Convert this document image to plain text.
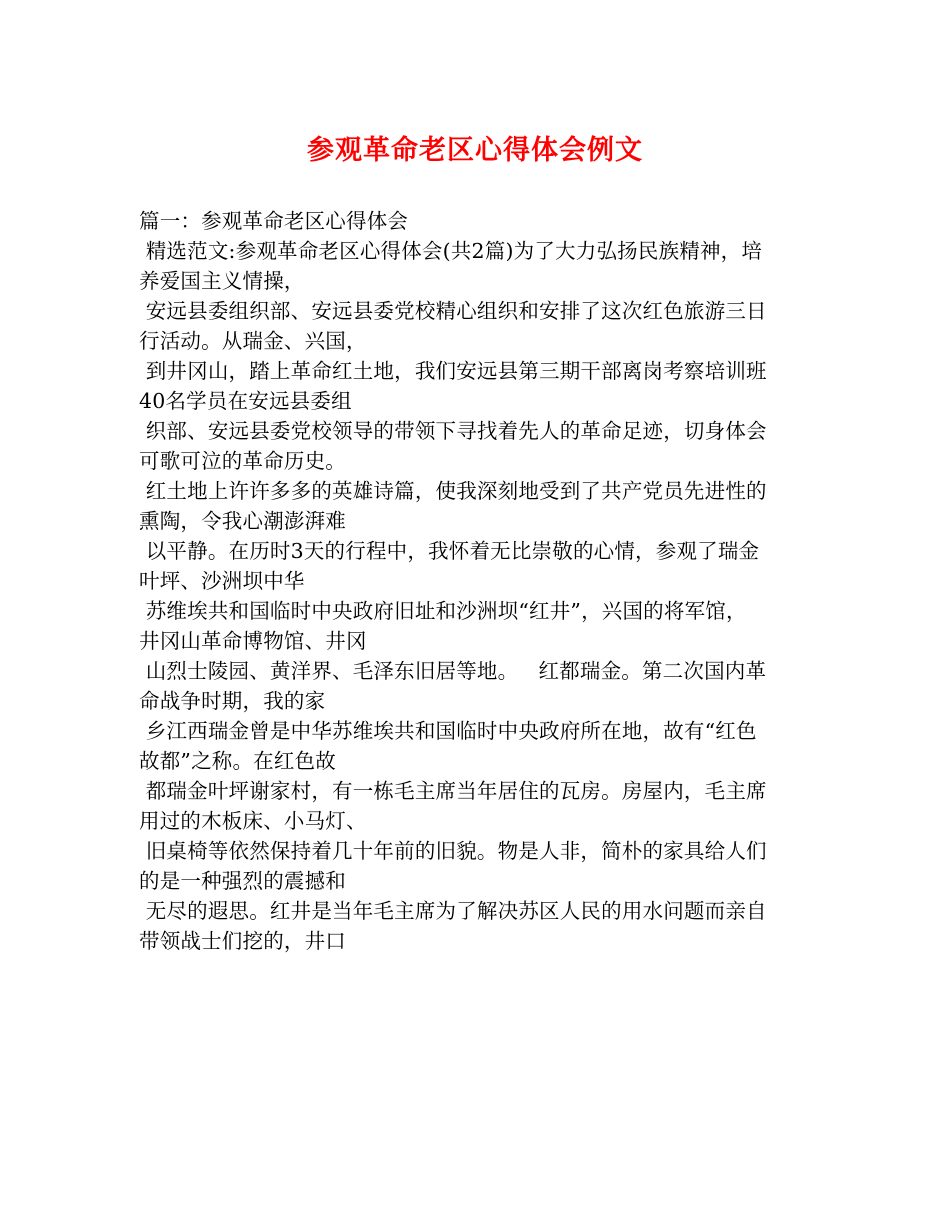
参观革命老区心得体会例文
篇一：参观革命老区心得体会
精选范文:参观革命老区心得体会(共2篇)为了大力弘扬民族精神，培
养爱国主义情操，
安远县委组织部、安远县委党校精心组织和安排了这次红色旅游三日
行活动。从瑞金、兴国，
到井冈山，踏上革命红土地，我们安远县第三期干部离岗考察培训班
40名学员在安远县委组
织部、安远县委党校领导的带领下寻找着先人的革命足迹，切身体会
可歌可泣的革命历史。
红土地上许许多多的英雄诗篇，使我深刻地受到了共产党员先进性的
熏陶，令我心潮澎湃难
以平静。在历时3天的行程中，我怀着无比崇敬的心情，参观了瑞金
叶坪、沙洲坝中华
苏维埃共和国临时中央政府旧址和沙洲坝“红井”，兴国的将军馆，
井冈山革命博物馆、井冈
山烈士陵园、黄洋界、毛泽东旧居等地。   红都瑞金。第二次国内革
命战争时期，我的家
乡江西瑞金曾是中华苏维埃共和国临时中央政府所在地，故有“红色
故都”之称。在红色故
都瑞金叶坪谢家村，有一栋毛主席当年居住的瓦房。房屋内，毛主席
用过的木板床、小马灯、
旧桌椅等依然保持着几十年前的旧貌。物是人非，简朴的家具给人们
的是一种强烈的震撼和
无尽的遐思。红井是当年毛主席为了解决苏区人民的用水问题而亲自
带领战士们挖的，井口
